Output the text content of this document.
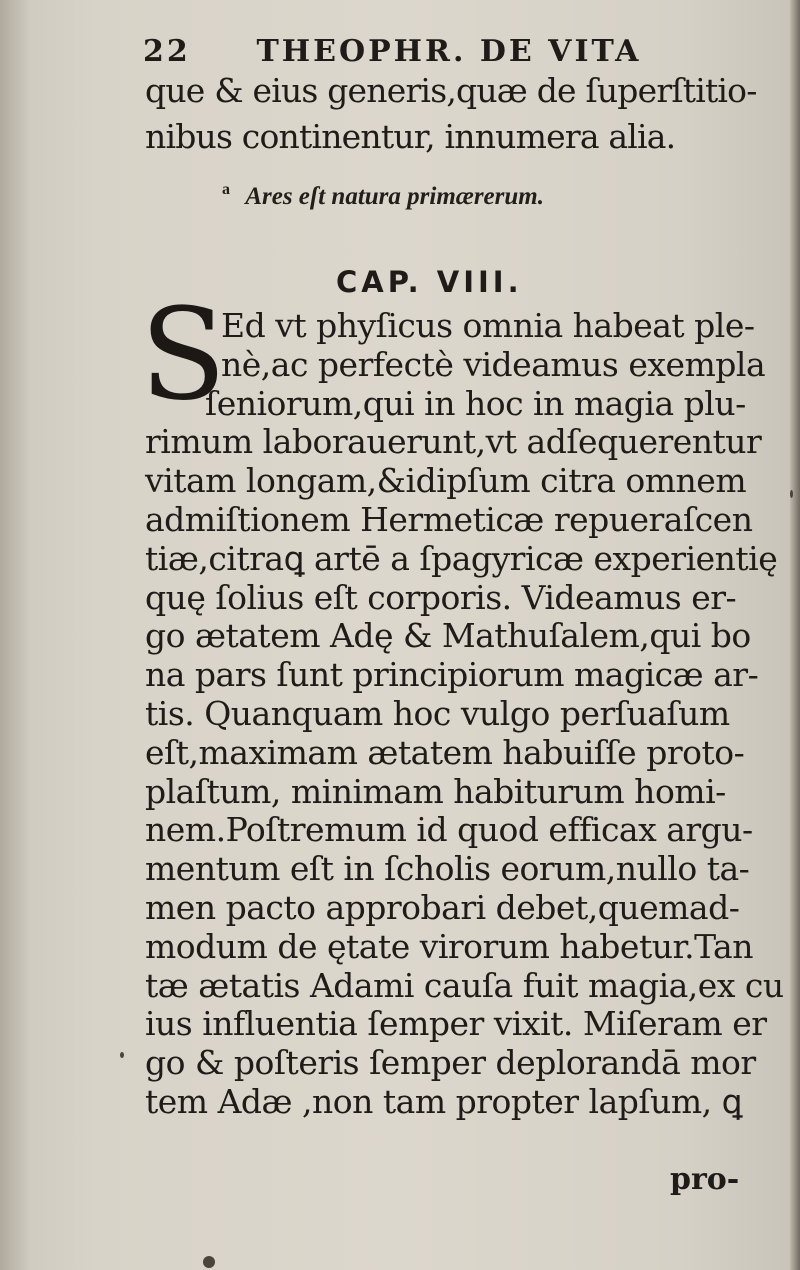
22 THEOPHR. DE VITA
que & eius generis,quæ de ſuperſtitio-
nibus continentur, innumera alia.
$^a$ Ares eſt natura primærerum.
CAP. VIII.
S
Ed vt phyſicus omnia habeat ple-
nè,ac perfectè videamus exempla
ſeniorum,qui in hoc in magia plu-
rimum laborauerunt,vt adſequerentur
vitam longam,&idipſum citra omnem
admiſtionem Hermeticæ repueraſcen
tiæ,citraꝗ artē a ſpagyricæ experientię
quę ſolius eſt corporis. Videamus er-
go ætatem Adę & Mathuſalem,qui bo
na pars ſunt principiorum magicæ ar-
tis. Quanquam hoc vulgo perſuaſum
eſt,maximam ætatem habuiſſe proto-
plaſtum, minimam habiturum homi-
nem.Poſtremum id quod efficax argu-
mentum eſt in ſcholis eorum,nullo ta-
men pacto approbari debet,quemad-
modum de ętate virorum habetur.Tan
tæ ætatis Adami cauſa fuit magia,ex cu
ius influentia ſemper vixit. Miſeram er
go & poſteris ſemper deplorandā mor
tem Adæ ,non tam propter lapſum, ꝗ
pro-
